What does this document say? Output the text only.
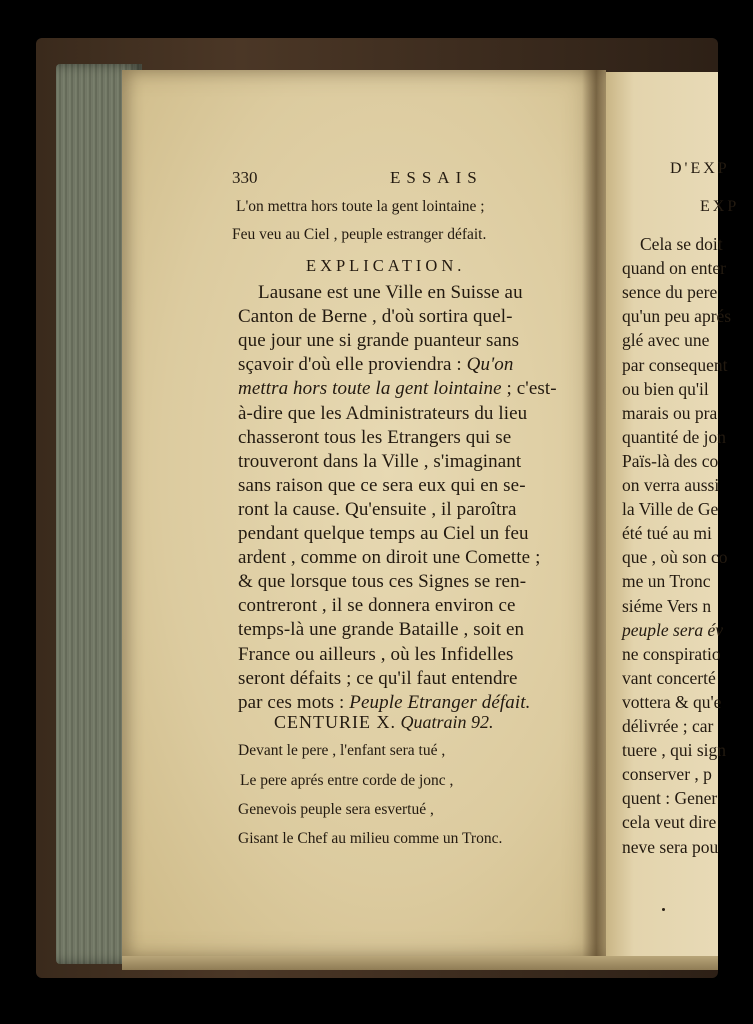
330	ESSAIS
L'on mettra hors toute la gent lointaine ;
Feu veu au Ciel , peuple estranger défait.
EXPLICATION.
Lausane est une Ville en Suisse au
Canton de Berne , d'où sortira quel-
que jour une si grande puanteur sans
sçavoir d'où elle proviendra : Qu'on
mettra hors toute la gent lointaine ; c'est-
à-dire que les Administrateurs du lieu
chasseront tous les Etrangers qui se
trouveront dans la Ville , s'imaginant
sans raison que ce sera eux qui en se-
ront la cause. Qu'ensuite , il paroîtra
pendant quelque temps au Ciel un feu
ardent , comme on diroit une Comette ;
& que lorsque tous ces Signes se ren-
contreront , il se donnera environ ce
temps-là une grande Bataille , soit en
France ou ailleurs , où les Infidelles
seront défaits ; ce qu'il faut entendre
par ces mots : Peuple Etranger défait.
CENTURIE X. Quatrain 92.
Devant le pere , l'enfant sera tué ,
Le pere aprés entre corde de jonc ,
Genevois peuple sera esvertué ,
Gisant le Chef au milieu comme un Tronc.
D'EXP
EXP
Cela se doit
quand on enter
sence du pere
qu'un peu aprés
glé avec une
par consequent
ou bien qu'il
marais ou pra
quantité de jon
Païs-là des co
on verra aussi
la Ville de Ge
été tué au mi
que , où son co
me un Tronc
siéme Vers n
peuple sera év
ne conspiratio
vant concerté
vottera & qu'e
délivrée ; car
tuere , qui sign
conserver , p
quent : Gener
cela veut dire
neve sera pou
